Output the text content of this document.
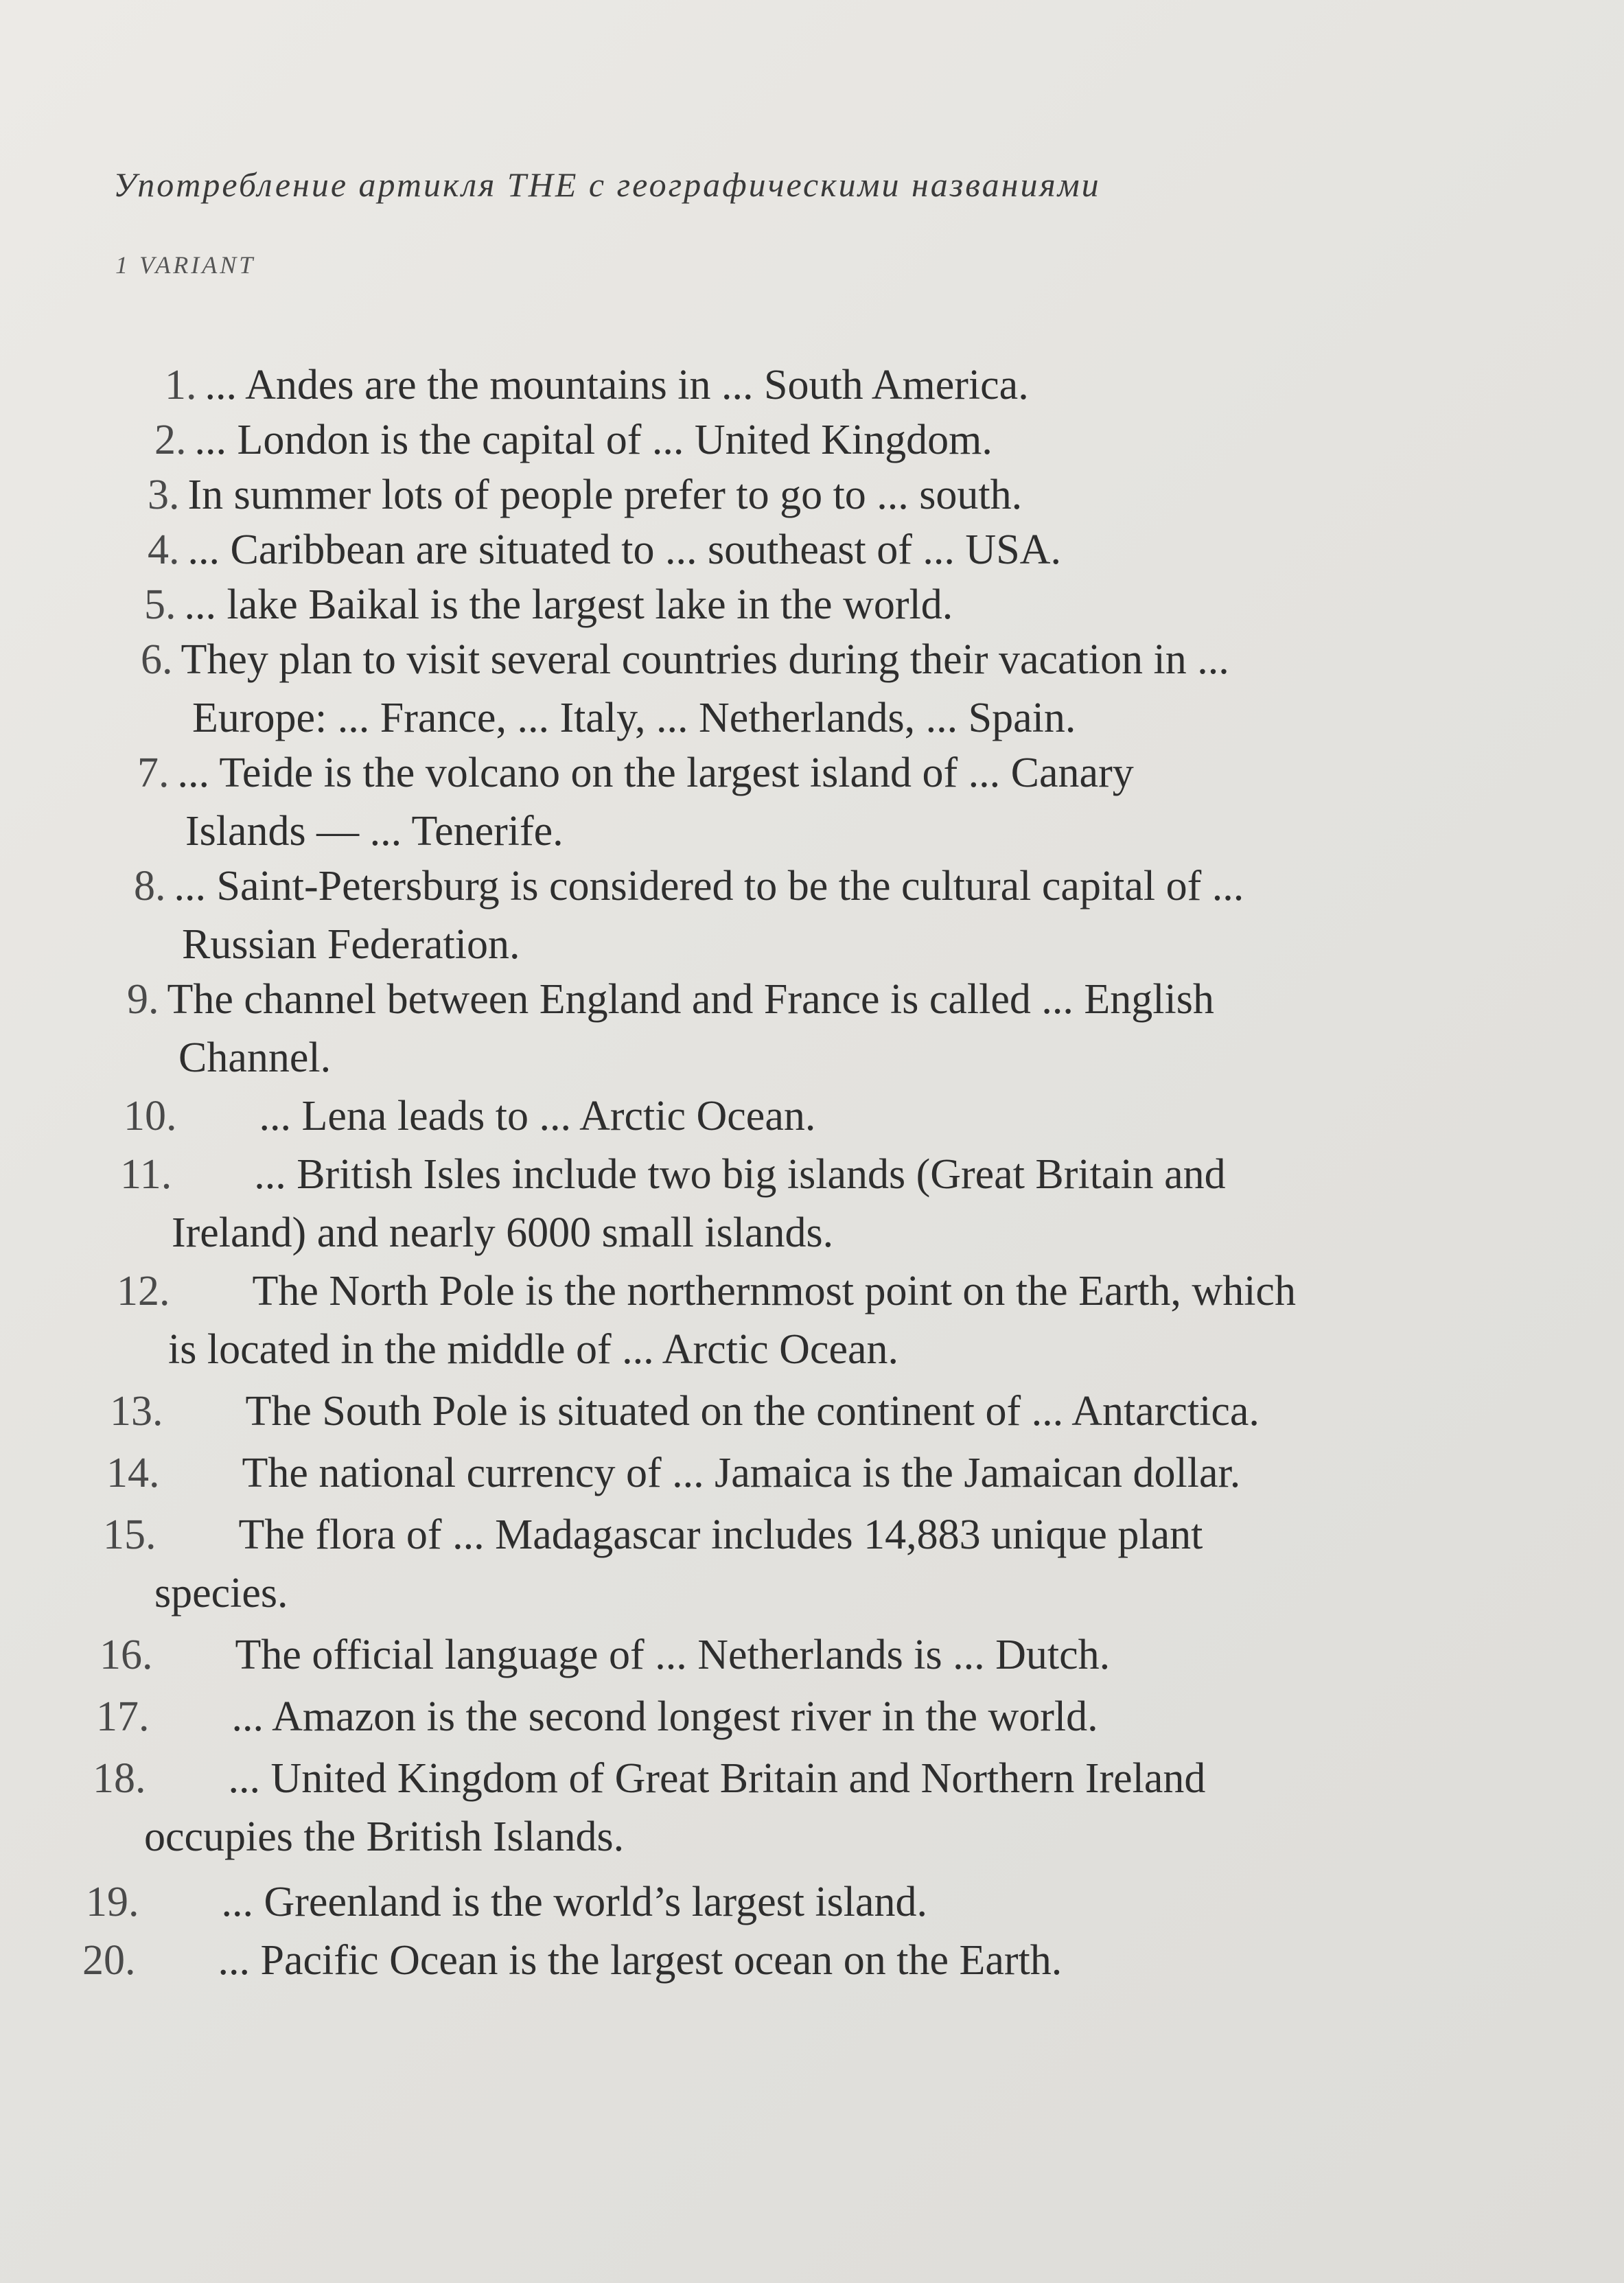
Употребление артикля THE с географическими названиями
1 VARIANT
1. ... Andes are the mountains in ... South America.
2. ... London is the capital of ... United Kingdom.
3. In summer lots of people prefer to go to ... south.
4. ... Caribbean are situated to ... southeast of ... USA.
5. ... lake Baikal is the largest lake in the world.
6. They plan to visit several countries during their vacation in ...
Europe: ... France, ... Italy, ... Netherlands, ... Spain.
7. ... Teide is the volcano on the largest island of ... Canary
Islands — ... Tenerife.
8. ... Saint-Petersburg is considered to be the cultural capital of ...
Russian Federation.
9. The channel between England and France is called ... English
Channel.
10. ... Lena leads to ... Arctic Ocean.
11. ... British Isles include two big islands (Great Britain and
Ireland) and nearly 6000 small islands.
12. The North Pole is the northernmost point on the Earth, which
is located in the middle of ... Arctic Ocean.
13. The South Pole is situated on the continent of ... Antarctica.
14. The national currency of ... Jamaica is the Jamaican dollar.
15. The flora of ... Madagascar includes 14,883 unique plant
species.
16. The official language of ... Netherlands is ... Dutch.
17. ... Amazon is the second longest river in the world.
18. ... United Kingdom of Great Britain and Northern Ireland
occupies the British Islands.
19. ... Greenland is the world’s largest island.
20. ... Pacific Ocean is the largest ocean on the Earth.
